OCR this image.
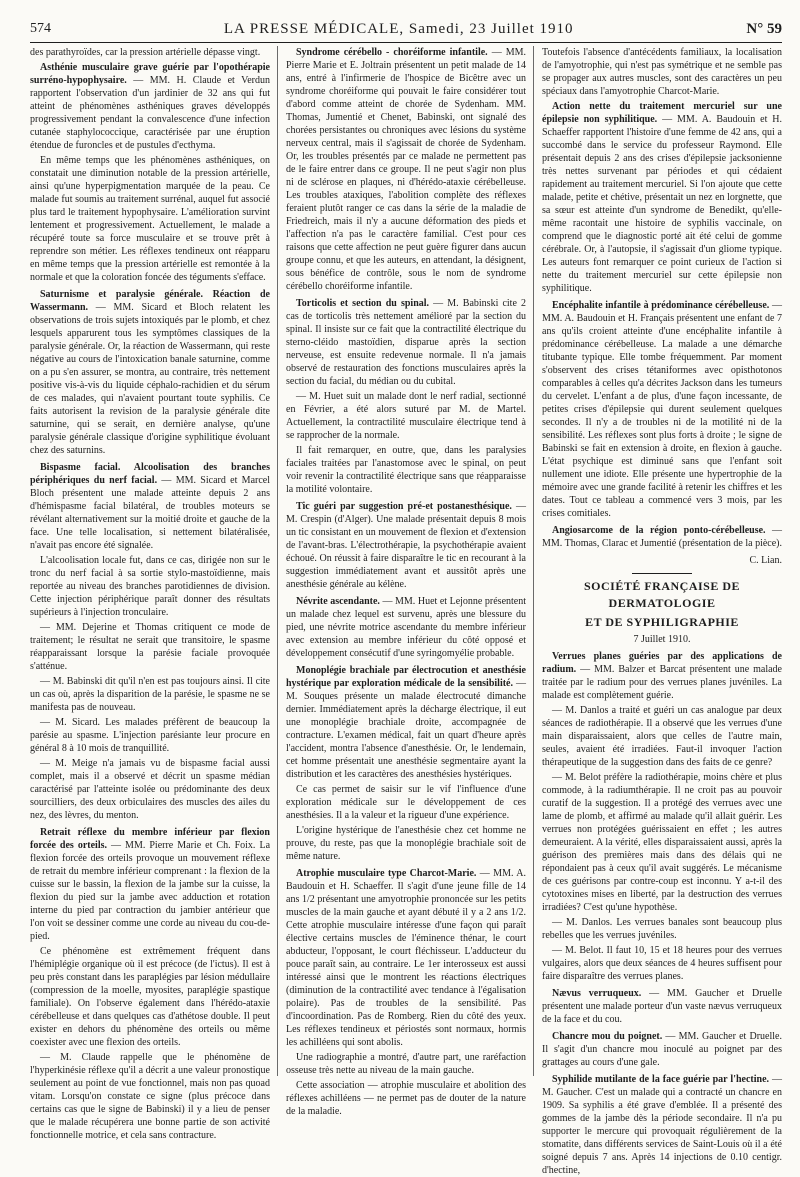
574	LA PRESSE MÉDICALE, Samedi, 23 Juillet 1910	N° 59

des parathyroïdes, car la pression artérielle dépasse vingt.

Asthénie musculaire grave guérie par l'opothérapie surréno-hypophysaire. — MM. H. Claude et Verdun rapportent l'observation d'un jardinier de 32 ans qui fut atteint de phénomènes asthéniques graves développés progressivement pendant la convalescence d'une infection cutanée staphylococcique, caractérisée par une éruption étendue de furoncles et de pustules d'ecthyma.

En même temps que les phénomènes asthéniques, on constatait une diminution notable de la pression artérielle, ainsi qu'une hyperpigmentation marquée de la peau. Ce malade fut soumis au traitement surrénal, auquel fut associé plus tard le traitement hypophysaire. L'amélioration survint lentement et progressivement. Actuellement, le malade a récupéré toute sa force musculaire et se trouve prêt à reprendre son métier. Les réflexes tendineux ont réapparu en même temps que la pression artérielle est remontée à la normale et que la coloration foncée des téguments s'efface.

Saturnisme et paralysie générale. Réaction de Wassermann. — MM. Sicard et Bloch relatent les observations de trois sujets intoxiqués par le plomb, et chez lesquels apparurent tous les symptômes classiques de la paralysie générale. Or, la réaction de Wassermann, qui reste négative au cours de l'intoxication banale saturnine, comme on a pu s'en assurer, se montra, au contraire, très nettement positive vis-à-vis du liquide céphalo-rachidien et du sérum de ces malades, qui n'avaient pourtant toute syphilis. Ce faits autorisent la revision de la paralysie générale dite saturnine, qui se serait, en dernière analyse, qu'une paralysie générale classique d'origine syphilitique évoluant chez des saturnins.

Bispasme facial. Alcoolisation des branches périphériques du nerf facial. — MM. Sicard et Marcel Bloch présentent une malade atteinte depuis 2 ans d'hémispasme facial bilatéral, de troubles moteurs se révélant alternativement sur la moitié droite et gauche de la face. Une telle localisation, si nettement bilatéralisée, n'avait pas encore été signalée.

L'alcoolisation locale fut, dans ce cas, dirigée non sur le tronc du nerf facial à sa sortie stylo-mastoïdienne, mais reportée au niveau des branches parotidiennes de division. Cette injection périphérique paraît donner des résultats supérieurs à l'injection tronculaire.

— MM. Dejerine et Thomas critiquent ce mode de traitement; le résultat ne serait que transitoire, le spasme réapparaissant lorsque la parésie faciale provoquée s'atténue.

— M. Babinski dit qu'il n'en est pas toujours ainsi. Il cite un cas où, après la disparition de la parésie, le spasme ne se manifesta pas de nouveau.

— M. Sicard. Les malades préfèrent de beaucoup la parésie au spasme. L'injection parésiante leur procure en général 8 à 10 mois de tranquillité.

— M. Meige n'a jamais vu de bispasme facial aussi complet, mais il a observé et décrit un spasme médian caractérisé par l'atteinte isolée ou prédominante des deux sourcilliers, des deux orbiculaires des muscles des ailes du nez, des lèvres, du menton.

Retrait réflexe du membre inférieur par flexion forcée des orteils. — MM. Pierre Marie et Ch. Foix. La flexion forcée des orteils provoque un mouvement réflexe de retrait du membre inférieur comprenant : la flexion de la cuisse sur le bassin, la flexion de la jambe sur la cuisse, la flexion du pied sur la jambe avec adduction et rotation interne du pied par contraction du jambier antérieur que l'on voit se dessiner comme une corde au niveau du cou-de-pied.

Ce phénomène est extrêmement fréquent dans l'hémiplégie organique où il est précoce (de l'ictus). Il est à peu près constant dans les paraplégies par lésion médullaire (compression de la moelle, myosites, paraplégie spastique familiale). On l'observe également dans l'hérédo-ataxie cérébelleuse et dans quelques cas d'athétose double. Il peut exister en dehors du phénomène des orteils ou même coexister avec une flexion des orteils.

— M. Claude rappelle que le phénomène de l'hyperkinésie réflexe qu'il a décrit a une valeur pronostique seulement au point de vue fonctionnel, mais non pas quoad vitam. Lorsqu'on constate ce signe (plus précoce dans certains cas que le signe de Babinski) il y a lieu de penser que le malade récupérera une bonne partie de son activité fonctionnelle motrice, et cela sans contracture.

Syndrome cérébello - choréiforme infantile. — MM. Pierre Marie et E. Joltrain présentent un petit malade de 14 ans, entré à l'infirmerie de l'hospice de Bicêtre avec un syndrome choréiforme qui pouvait le faire considérer tout d'abord comme atteint de chorée de Sydenham. MM. Thomas, Jumentié et Chenet, Babinski, ont signalé des chorées persistantes ou chroniques avec lésions du système nerveux central, mais il s'agissait de chorée de Sydenham. Or, les troubles présentés par ce malade ne permettent pas de le faire entrer dans ce groupe. Il ne peut s'agir non plus ni de sclérose en plaques, ni d'hérédo-ataxie cérébelleuse. Les troubles ataxiques, l'abolition complète des réflexes feraient plutôt ranger ce cas dans la série de la maladie de Friedreich, mais il n'y a aucune déformation des pieds et l'affection n'a pas le caractère familial. C'est pour ces raisons que cette affection ne peut guère figurer dans aucun groupe connu, et que les auteurs, en attendant, la désignent, sous bénéfice de contrôle, sous le nom de syndrome cérébello choréiforme infantile.

Torticolis et section du spinal. — M. Babinski cite 2 cas de torticolis très nettement amélioré par la section du spinal. Il insiste sur ce fait que la contractilité électrique du sterno-cléido mastoïdien, disparue après la section nerveuse, est ensuite redevenue normale. Il n'a jamais observé de restauration des fonctions musculaires après la section du facial, du médian ou du cubital.

— M. Huet suit un malade dont le nerf radial, sectionné en Février, a été alors suturé par M. de Martel. Actuellement, la contractilité musculaire électrique tend à se rapprocher de la normale.

Il fait remarquer, en outre, que, dans les paralysies faciales traitées par l'anastomose avec le spinal, on peut voir revenir la contractilité électrique sans que réapparaisse la motilité volontaire.

Tic guéri par suggestion pré-et postanesthésique. — M. Crespin (d'Alger). Une malade présentait depuis 8 mois un tic consistant en un mouvement de flexion et d'extension de l'avant-bras. L'électrothérapie, la psychothérapie avaient échoué. On réussit à faire disparaître le tic en recourant à la suggestion immédiatement avant et aussitôt après une anesthésie générale au kélène.

Névrite ascendante. — MM. Huet et Lejonne présentent un malade chez lequel est survenu, après une blessure du pied, une névrite motrice ascendante du membre inférieur avec extension au membre inférieur du côté opposé et développement consécutif d'une syringomyélie probable.

Monoplégie brachiale par électrocution et anesthésie hystérique par exploration médicale de la sensibilité. — M. Souques présente un malade électrocuté dimanche dernier. Immédiatement après la décharge électrique, il eut une monoplégie brachiale droite, accompagnée de contracture. L'examen médical, fait un quart d'heure après l'accident, montra l'absence d'anesthésie. Or, le lendemain, cet homme présentait une anesthésie segmentaire ayant la distribution et les caractères des anesthésies hystériques.

Ce cas permet de saisir sur le vif l'influence d'une exploration médicale sur le développement de ces anesthésies. Il a la valeur et la rigueur d'une expérience.

L'origine hystérique de l'anesthésie chez cet homme ne prouve, du reste, pas que la monoplégie brachiale soit de même nature.

Atrophie musculaire type Charcot-Marie. — MM. A. Baudouin et H. Schaeffer. Il s'agit d'une jeune fille de 14 ans 1/2 présentant une amyotrophie prononcée sur les petits muscles de la main gauche et ayant débuté il y a 2 ans 1/2. Cette atrophie musculaire intéresse d'une façon qui paraît élective certains muscles de l'éminence thénar, le court abducteur, l'opposant, le court fléchisseur. L'adducteur du pouce paraît sain, au contraire. Le 1er interosseux est aussi intéressé ainsi que le montrent les réactions électriques (diminution de la contractilité avec tendance à l'égalisation polaire). Pas de troubles de la sensibilité. Pas d'incoordination. Pas de Romberg. Rien du côté des yeux. Les réflexes tendineux et périostés sont normaux, hormis les achilléens qui sont abolis.

Une radiographie a montré, d'autre part, une raréfaction osseuse très nette au niveau de la main gauche.

Cette association — atrophie musculaire et abolition des réflexes achilléens — ne permet pas de douter de la nature de la maladie.

Toutefois l'absence d'antécédents familiaux, la localisation de l'amyotrophie, qui n'est pas symétrique et ne semble pas se propager aux autres muscles, sont des caractères un peu spéciaux dans l'amyotrophie Charcot-Marie.

Action nette du traitement mercuriel sur une épilepsie non syphilitique. — MM. A. Baudouin et H. Schaeffer rapportent l'histoire d'une femme de 42 ans, qui a succombé dans le service du professeur Raymond. Elle présentait depuis 2 ans des crises d'épilepsie jacksonienne très nettes survenant par périodes et qui cédaient rapidement au traitement mercuriel. Si l'on ajoute que cette malade, petite et chétive, présentait un nez en lorgnette, que sa sœur est atteinte d'un syndrome de Benedikt, qu'elle-même racontait une histoire de syphilis vaccinale, on comprend que le diagnostic porté ait été celui de gomme cérébrale. Or, à l'autopsie, il s'agissait d'un gliome typique. Les auteurs font remarquer ce point curieux de l'action si nette du traitement mercuriel sur cette épilepsie non syphilitique.

Encéphalite infantile à prédominance cérébelleuse. — MM. A. Baudouin et H. Français présentent une enfant de 7 ans qu'ils croient atteinte d'une encéphalite infantile à prédominance cérébelleuse. La malade a une démarche titubante typique. Elle tombe fréquemment. Par moment s'observent des crises tétaniformes avec opisthotonos comparables à celles qu'a décrites Jackson dans les tumeurs du cervelet. L'enfant a de plus, d'une façon incessante, de petites crises d'épilepsie qui durent seulement quelques secondes. Il n'y a de troubles ni de la motilité ni de la sensibilité. Les réflexes sont plus forts à droite ; le signe de Babinski se fait en extension à droite, en flexion à gauche. L'état psychique est diminué sans que l'enfant soit nullement une idiote. Elle présente une hypertrophie de la mémoire avec une grande facilité à retenir les chiffres et les dates. Tout ce tableau a commencé vers 3 mois, par les crises comitiales.

Angiosarcome de la région ponto-cérébelleuse. — MM. Thomas, Clarac et Jumentié (présentation de la pièce).

C. Lian.
SOCIÉTÉ FRANÇAISE DE DERMATOLOGIE
ET DE SYPHILIGRAPHIE
7 Juillet 1910.

Verrues planes guéries par des applications de radium. — MM. Balzer et Barcat présentent une malade traitée par le radium pour des verrues planes juvéniles. La malade est complètement guérie.

— M. Danlos a traité et guéri un cas analogue par deux séances de radiothérapie. Il a observé que les verrues d'une main disparaissaient, alors que celles de l'autre main, seules, avaient été irradiées. Faut-il invoquer l'action thérapeutique de la suggestion dans des faits de ce genre?

— M. Belot préfère la radiothérapie, moins chère et plus commode, à la radiumthérapie. Il ne croit pas au pouvoir curatif de la suggestion. Il a protégé des verrues avec une lame de plomb, et affirmé au malade qu'il allait guérir. Les verrues non protégées guérissaient en effet ; les autres demeuraient. A la vérité, elles disparaissaient aussi, après la guérison des premières mais dans des délais qui ne répondaient pas à ceux qu'il avait suggérés. Le mécanisme de ces guérisons par contre-coup est inconnu. Y a-t-il des cytotoxines mises en liberté, par la destruction des verrues irradiées? C'est qu'une hypothèse.

— M. Danlos. Les verrues banales sont beaucoup plus rebelles que les verrues juvéniles.

— M. Belot. Il faut 10, 15 et 18 heures pour des verrues vulgaires, alors que deux séances de 4 heures suffisent pour faire disparaître des verrues planes.

Nævus verruqueux. — MM. Gaucher et Druelle présentent une malade porteur d'un vaste nævus verruqueux de la face et du cou.

Chancre mou du poignet. — MM. Gaucher et Druelle. Il s'agit d'un chancre mou inoculé au poignet par des grattages au cours d'une gale.

Syphilide mutilante de la face guérie par l'hectine. — M. Gaucher. C'est un malade qui a contracté un chancre en 1909. Sa syphilis a été grave d'emblée. Il a présenté des gommes de la jambe dès la période secondaire. Il n'a pu supporter le mercure qui provoquait régulièrement de la stomatite, dans différents services de Saint-Louis où il a été soigné depuis 7 ans. Après 14 injections de 0.10 centigr. d'hectine,
